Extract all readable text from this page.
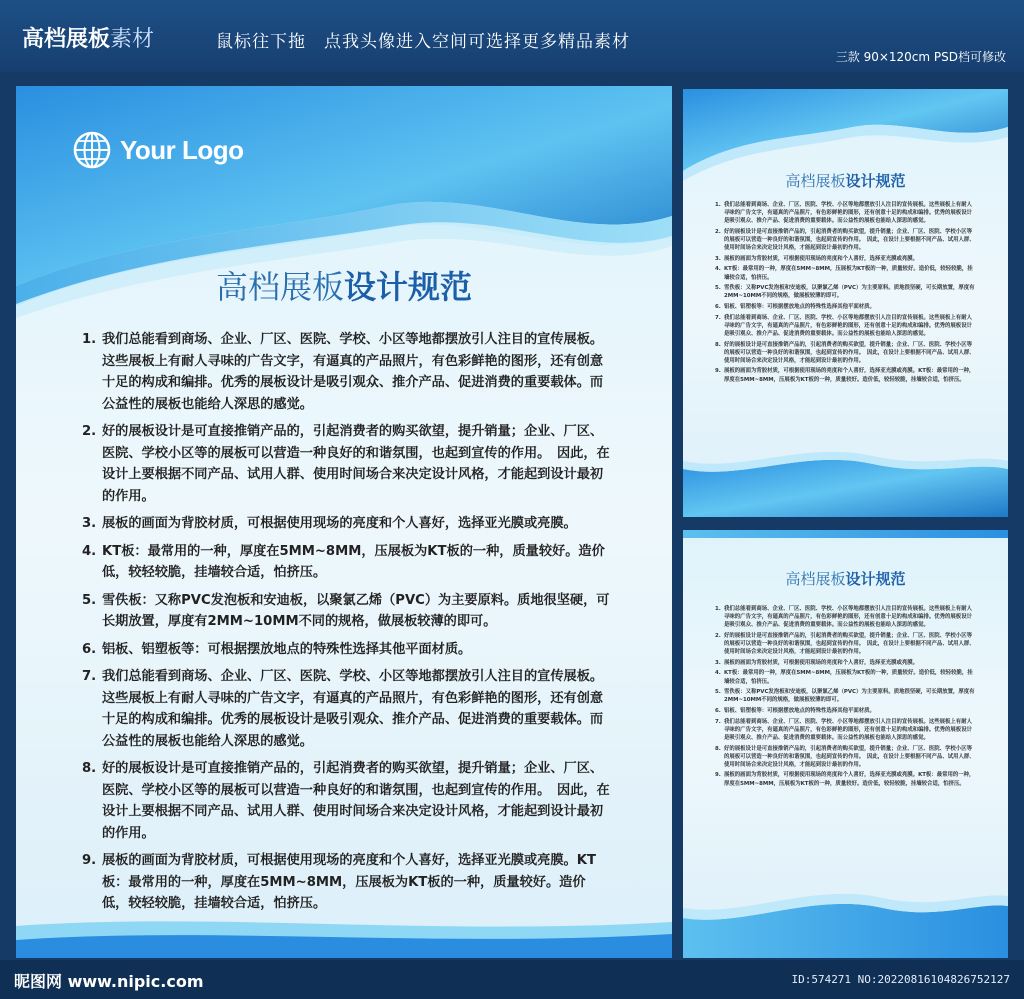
高档展板素材	鼠标往下拖　点我头像进入空间可选择更多精品素材
三款 90×120cm PSD档可修改
Your Logo
高档展板设计规范
1. 我们总能看到商场、企业、厂区、医院、学校、小区等地都摆放引人注目的宣传展板。这些展板上有耐人寻味的广告文字，有逼真的产品照片，有色彩鲜艳的图形，还有创意十足的构成和编排。优秀的展板设计是吸引观众、推介产品、促进消费的重要载体。而公益性的展板也能给人深思的感觉。
2. 好的展板设计是可直接推销产品的，引起消费者的购买欲望，提升销量；企业、厂区、医院、学校小区等的展板可以营造一种良好的和谐氛围，也起到宣传的作用。　因此，在设计上要根据不同产品、试用人群、使用时间场合来决定设计风格，才能起到设计最初的作用。
3. 展板的画面为背胶材质，可根据使用现场的亮度和个人喜好，选择亚光膜或亮膜。
4. KT板：最常用的一种，厚度在5MM~8MM，压展板为KT板的一种，质量较好。造价低，较轻较脆，挂墙较合适，怕挤压。
5. 雪佚板：又称PVC发泡板和安迪板，以聚氯乙烯（PVC）为主要原料。质地很坚硬，可长期放置，厚度有2MM~10MM不同的规格，做展板较薄的即可。
6. 铝板、铝塑板等：可根据摆放地点的特殊性选择其他平面材质。
7. 我们总能看到商场、企业、厂区、医院、学校、小区等地都摆放引人注目的宣传展板。这些展板上有耐人寻味的广告文字，有逼真的产品照片，有色彩鲜艳的图形，还有创意十足的构成和编排。优秀的展板设计是吸引观众、推介产品、促进消费的重要载体。而公益性的展板也能给人深思的感觉。
8. 好的展板设计是可直接推销产品的，引起消费者的购买欲望，提升销量；企业、厂区、医院、学校小区等的展板可以营造一种良好的和谐氛围，也起到宣传的作用。　因此，在设计上要根据不同产品、试用人群、使用时间场合来决定设计风格，才能起到设计最初的作用。
9. 展板的画面为背胶材质，可根据使用现场的亮度和个人喜好，选择亚光膜或亮膜。KT板：最常用的一种，厚度在5MM~8MM，压展板为KT板的一种，质量较好。造价低，较轻较脆，挂墙较合适，怕挤压。
高档展板设计规范
1. 我们总能看到商场、企业、厂区、医院、学校、小区等地都摆放引人注目的宣传展板。这些展板上有耐人寻味的广告文字，有逼真的产品照片，有色彩鲜艳的图形，还有创意十足的构成和编排。优秀的展板设计是吸引观众、推介产品、促进消费的重要载体。而公益性的展板也能给人深思的感觉。
2. 好的展板设计是可直接推销产品的，引起消费者的购买欲望，提升销量；企业、厂区、医院、学校小区等的展板可以营造一种良好的和谐氛围，也起到宣传的作用。　因此，在设计上要根据不同产品、试用人群、使用时间场合来决定设计风格，才能起到设计最初的作用。
3. 展板的画面为背胶材质，可根据使用现场的亮度和个人喜好，选择亚光膜或亮膜。
4. KT板：最常用的一种，厚度在5MM~8MM，压展板为KT板的一种，质量较好。造价低，较轻较脆，挂墙较合适，怕挤压。
5. 雪佚板：又称PVC发泡板和安迪板，以聚氯乙烯（PVC）为主要原料。质地很坚硬，可长期放置，厚度有2MM~10MM不同的规格，做展板较薄的即可。
6. 铝板、铝塑板等：可根据摆放地点的特殊性选择其他平面材质。
7. 我们总能看到商场、企业、厂区、医院、学校、小区等地都摆放引人注目的宣传展板。这些展板上有耐人寻味的广告文字，有逼真的产品照片，有色彩鲜艳的图形，还有创意十足的构成和编排。优秀的展板设计是吸引观众、推介产品、促进消费的重要载体。而公益性的展板也能给人深思的感觉。
8. 好的展板设计是可直接推销产品的，引起消费者的购买欲望，提升销量；企业、厂区、医院、学校小区等的展板可以营造一种良好的和谐氛围，也起到宣传的作用。　因此，在设计上要根据不同产品、试用人群、使用时间场合来决定设计风格，才能起到设计最初的作用。
9. 展板的画面为背胶材质，可根据使用现场的亮度和个人喜好，选择亚光膜或亮膜。KT板：最常用的一种，厚度在5MM~8MM，压展板为KT板的一种，质量较好。造价低，较轻较脆，挂墙较合适，怕挤压。
高档展板设计规范
1. 我们总能看到商场、企业、厂区、医院、学校、小区等地都摆放引人注目的宣传展板。这些展板上有耐人寻味的广告文字，有逼真的产品照片，有色彩鲜艳的图形，还有创意十足的构成和编排。优秀的展板设计是吸引观众、推介产品、促进消费的重要载体。而公益性的展板也能给人深思的感觉。
2. 好的展板设计是可直接推销产品的，引起消费者的购买欲望，提升销量；企业、厂区、医院、学校小区等的展板可以营造一种良好的和谐氛围，也起到宣传的作用。　因此，在设计上要根据不同产品、试用人群、使用时间场合来决定设计风格，才能起到设计最初的作用。
3. 展板的画面为背胶材质，可根据使用现场的亮度和个人喜好，选择亚光膜或亮膜。
4. KT板：最常用的一种，厚度在5MM~8MM，压展板为KT板的一种，质量较好。造价低，较轻较脆，挂墙较合适，怕挤压。
5. 雪佚板：又称PVC发泡板和安迪板，以聚氯乙烯（PVC）为主要原料。质地很坚硬，可长期放置，厚度有2MM~10MM不同的规格，做展板较薄的即可。
6. 铝板、铝塑板等：可根据摆放地点的特殊性选择其他平面材质。
7. 我们总能看到商场、企业、厂区、医院、学校、小区等地都摆放引人注目的宣传展板。这些展板上有耐人寻味的广告文字，有逼真的产品照片，有色彩鲜艳的图形，还有创意十足的构成和编排。优秀的展板设计是吸引观众、推介产品、促进消费的重要载体。而公益性的展板也能给人深思的感觉。
8. 好的展板设计是可直接推销产品的，引起消费者的购买欲望，提升销量；企业、厂区、医院、学校小区等的展板可以营造一种良好的和谐氛围，也起到宣传的作用。　因此，在设计上要根据不同产品、试用人群、使用时间场合来决定设计风格，才能起到设计最初的作用。
9. 展板的画面为背胶材质，可根据使用现场的亮度和个人喜好，选择亚光膜或亮膜。KT板：最常用的一种，厚度在5MM~8MM，压展板为KT板的一种，质量较好。造价低，较轻较脆，挂墙较合适，怕挤压。
昵图网 www.nipic.com	ID:574271 NO:20220816104826752127
